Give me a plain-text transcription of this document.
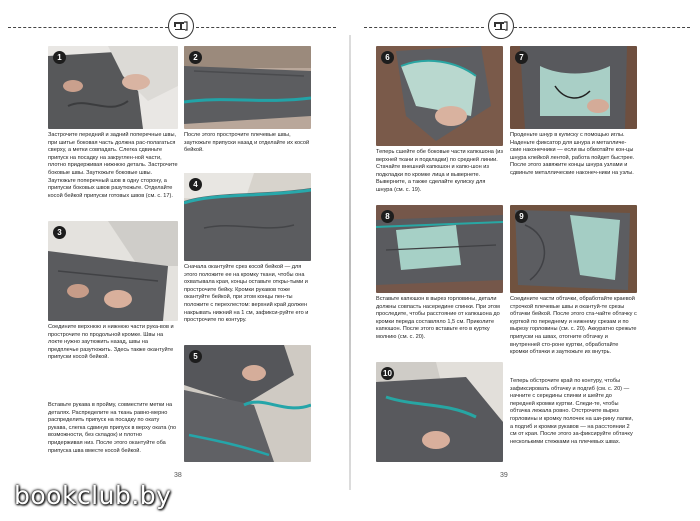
1	2
Застрочите передний и задний поперечные швы, при шитье боковая часть должна рас-полагаться сверху, а метки совпадать. Слегка сдвиньте припуск на посадку на закруглен-ной части, плотно придерживая нижнюю деталь. Застрочите боковые швы. Заутюжьте боковые швы. Заутюжьте поперечный шов в одну сторону, а припуски боковых швов разутюжьте. Отделайте косой бейкой припуски готовых швов (см. с. 17).
После этого прострочите плечевые швы, заутюжьте припуски назад и отделайте их косой бейкой.
4
3
Сначала окантуйте срез косой бейкой — для этого положите ее на кромку ткани, чтобы она охватывала края, концы оставьте откры-тыми и прострочите бейку. Кромки рукавов тоже окантуйте бейкой, при этом концы пен-ты положите с перехлестом: верхний край должен накрывать нижний на 1 см, зафикси-руйте его и прострочите по контуру.
Соедините верхнюю и нижнюю части рука-вов и прострочите по продольной кромке. Швы на локте нужно заутюжить назад, швы на предплечье разутюжить. Здесь также окантуйте припуски косой бейкой.	5
Вставьте рукава в пройму, совместите метки на деталях. Распределите на ткань равно-мерно распределить припуск на посадку по окату рукава, слегка сдвинув припуск в верху оката (по возможности, без складок) и плотно придерживая низ. После этого окантуйте оба припуска шва вместе косой бейкой.
38
6	7
Проденьте шнур в кулиску с помощью иглы. Наденьте фиксатор для шнура и металличе-ские наконечники — если вы обмотайте кон-цы шнура клейкой лентой, работа пойдет быстрее. После этого завяжите концы шнура узлами и сдвиньте металлические наконеч-ники на узлы.
Теперь сшейте обе боковые части капюшона (из верхней ткани и подкладки) по средней линии. Стачайте внешний капюшон и капю-шон из подкладки по кромке лица и вывернете. Выверните, а также сделайте кулиску для шнура (см. с. 19).
8	9
Вставьте капюшон в вырез горловины, детали должны совпасть насередине спинки. При этом проследите, чтобы расстояние от капюшона до кромки переда составляло 1,5 см. Приколите капюшон. После этого вставьте его в куртку молнию (см. с. 20).
Соедините части обтачки, обработайте краевой строчкой плечевые швы и окантуй-те срезы обтачки бейкой. После этого ста-чайте обтачку с курткой по переднему и нижнему срезам и по вырезу горловины (см. с. 20). Аккуратно срежьте припуски на швах, отогните обтачку и внутренней сто-роне куртки, обработайте кромки обтачки и заутюжьте их внутрь.
10
Теперь обстрочите край по контуру, чтобы зафиксировать обтачку и подгиб (см. с. 20) — начните с середины спинки и шейте до передней кромки куртки. Следи-те, чтобы обтачка лежала ровно. Отстрочите вырез горловины и кромку полочек на ши-рину лапки, а подгиб и кромки рукавов — на расстоянии 2 см от края. После этого за-фиксируйте обтачку несколькими стежками на плечевых швах.
39
bookclub.by
